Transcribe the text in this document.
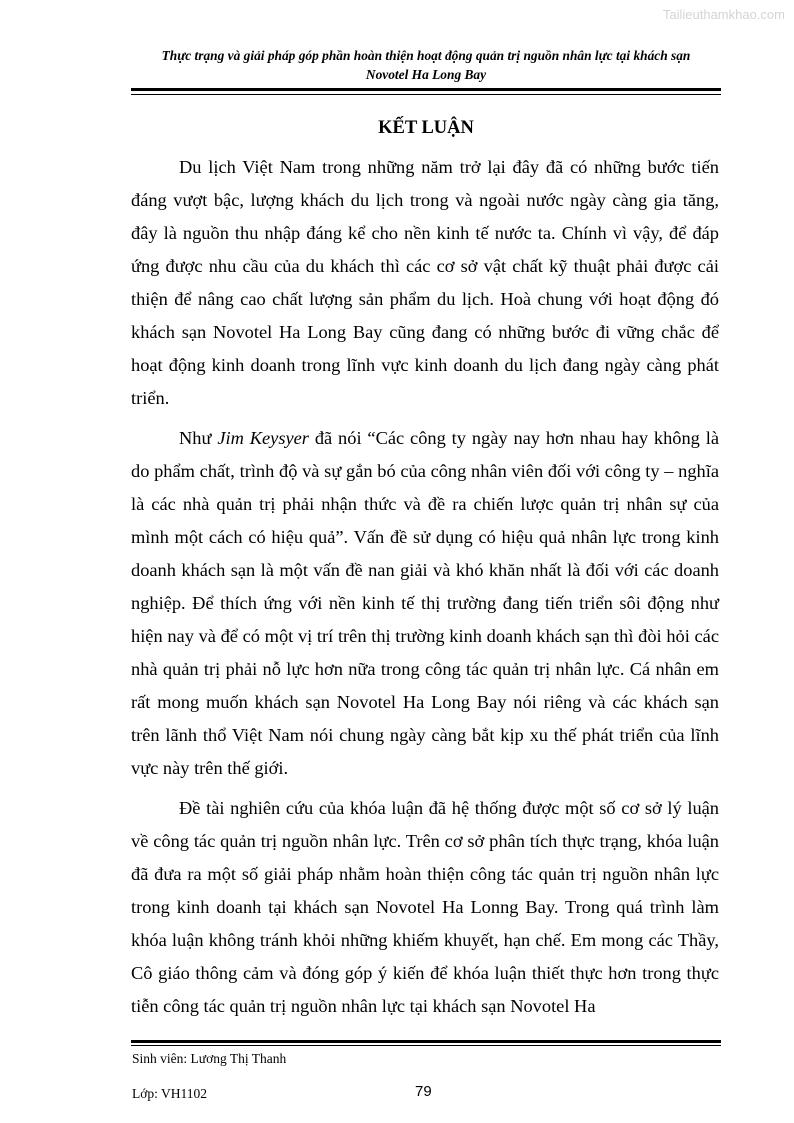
Tailieuthamkhao.com
Thực trạng và giải pháp góp phần hoàn thiện hoạt động quản trị nguồn nhân lực tại khách sạn
Novotel Ha Long Bay
KẾT LUẬN

Du lịch Việt Nam trong những năm trở lại đây đã có những bước tiến đáng vượt bậc, lượng khách du lịch trong và ngoài nước ngày càng gia tăng, đây là nguồn thu nhập đáng kể cho nền kinh tế nước ta. Chính vì vậy, để đáp ứng được nhu cầu của du khách thì các cơ sở vật chất kỹ thuật phải được cải thiện để nâng cao chất lượng sản phẩm du lịch. Hoà chung với hoạt động đó khách sạn Novotel Ha Long Bay cũng đang có những bước đi vững chắc để hoạt động kinh doanh trong lĩnh vực kinh doanh du lịch đang ngày càng phát triển.

Như Jim Keysyer đã nói “Các công ty ngày nay hơn nhau hay không là do phẩm chất, trình độ và sự gắn bó của công nhân viên đối với công ty – nghĩa là các nhà quản trị phải nhận thức và đề ra chiến lược quản trị nhân sự của mình một cách có hiệu quả”. Vấn đề sử dụng có hiệu quả nhân lực trong kinh doanh khách sạn là một vấn đề nan giải và khó khăn nhất là đối với các doanh nghiệp. Để thích ứng với nền kinh tế thị trường đang tiến triển sôi động như hiện nay và để có một vị trí trên thị trường kinh doanh khách sạn thì đòi hỏi các nhà quản trị phải nỗ lực hơn nữa trong công tác quản trị nhân lực. Cá nhân em rất mong muốn khách sạn Novotel Ha Long Bay nói riêng và các khách sạn trên lãnh thổ Việt Nam nói chung ngày càng bắt kịp xu thế phát triển của lĩnh vực này trên thế giới.

Đề tài nghiên cứu của khóa luận đã hệ thống được một số cơ sở lý luận về công tác quản trị nguồn nhân lực. Trên cơ sở phân tích thực trạng, khóa luận đã đưa ra một số giải pháp nhằm hoàn thiện công tác quản trị nguồn nhân lực trong kinh doanh tại khách sạn Novotel Ha Lonng Bay. Trong quá trình làm khóa luận không tránh khỏi những khiếm khuyết, hạn chế. Em mong các Thầy, Cô giáo thông cảm và đóng góp ý kiến để khóa luận thiết thực hơn trong thực tiễn công tác quản trị nguồn nhân lực tại khách sạn Novotel Ha

Sinh viên: Lương Thị Thanh
Lớp: VH1102	79
